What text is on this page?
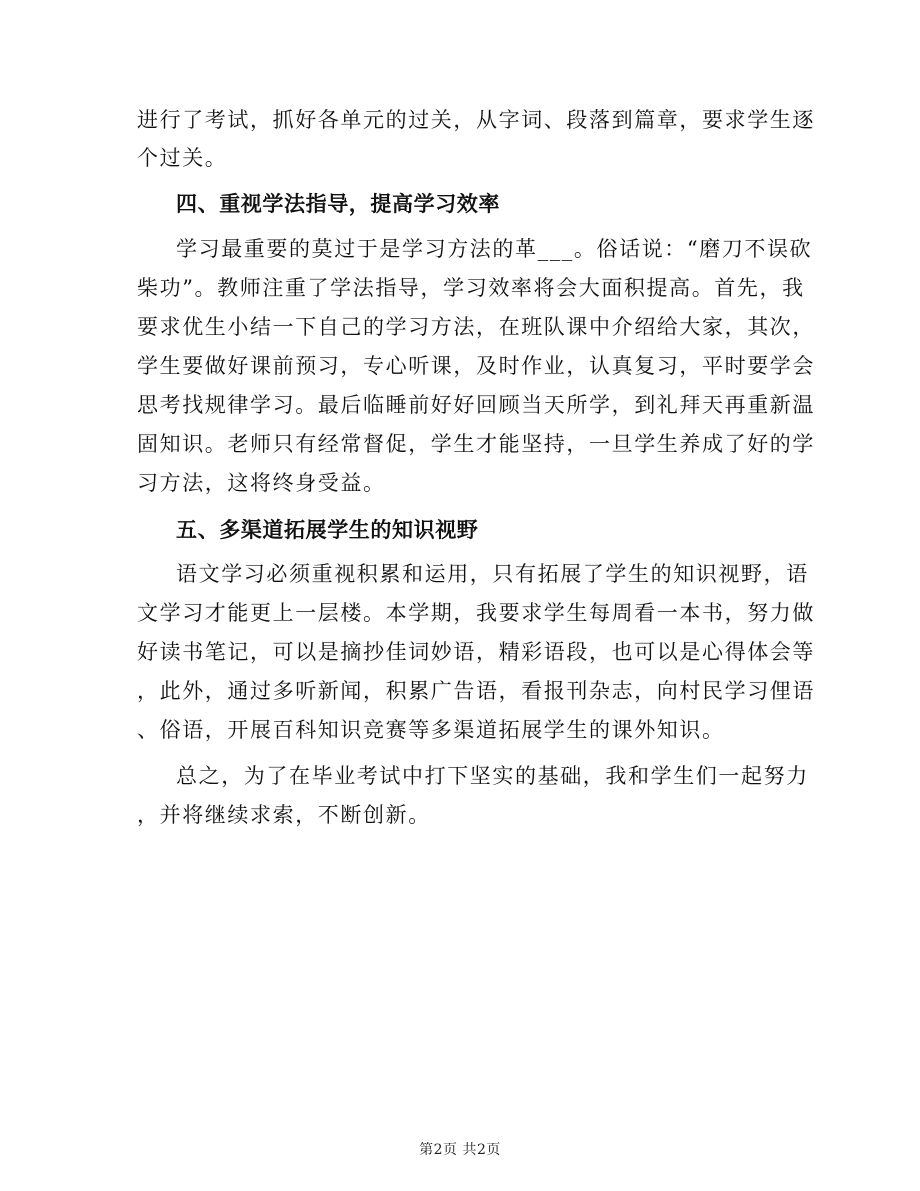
进行了考试，抓好各单元的过关，从字词、段落到篇章，要求学生逐
个过关。
四、重视学法指导，提高学习效率
学习最重要的莫过于是学习方法的革___。俗话说：“磨刀不误砍
柴功”。教师注重了学法指导，学习效率将会大面积提高。首先，我
要求优生小结一下自己的学习方法，在班队课中介绍给大家，其次，
学生要做好课前预习，专心听课，及时作业，认真复习，平时要学会
思考找规律学习。最后临睡前好好回顾当天所学，到礼拜天再重新温
固知识。老师只有经常督促，学生才能坚持，一旦学生养成了好的学
习方法，这将终身受益。
五、多渠道拓展学生的知识视野
语文学习必须重视积累和运用，只有拓展了学生的知识视野，语
文学习才能更上一层楼。本学期，我要求学生每周看一本书，努力做
好读书笔记，可以是摘抄佳词妙语，精彩语段，也可以是心得体会等
，此外，通过多听新闻，积累广告语，看报刊杂志，向村民学习俚语
、俗语，开展百科知识竞赛等多渠道拓展学生的课外知识。
总之，为了在毕业考试中打下坚实的基础，我和学生们一起努力
，并将继续求索，不断创新。
第2页 共2页
